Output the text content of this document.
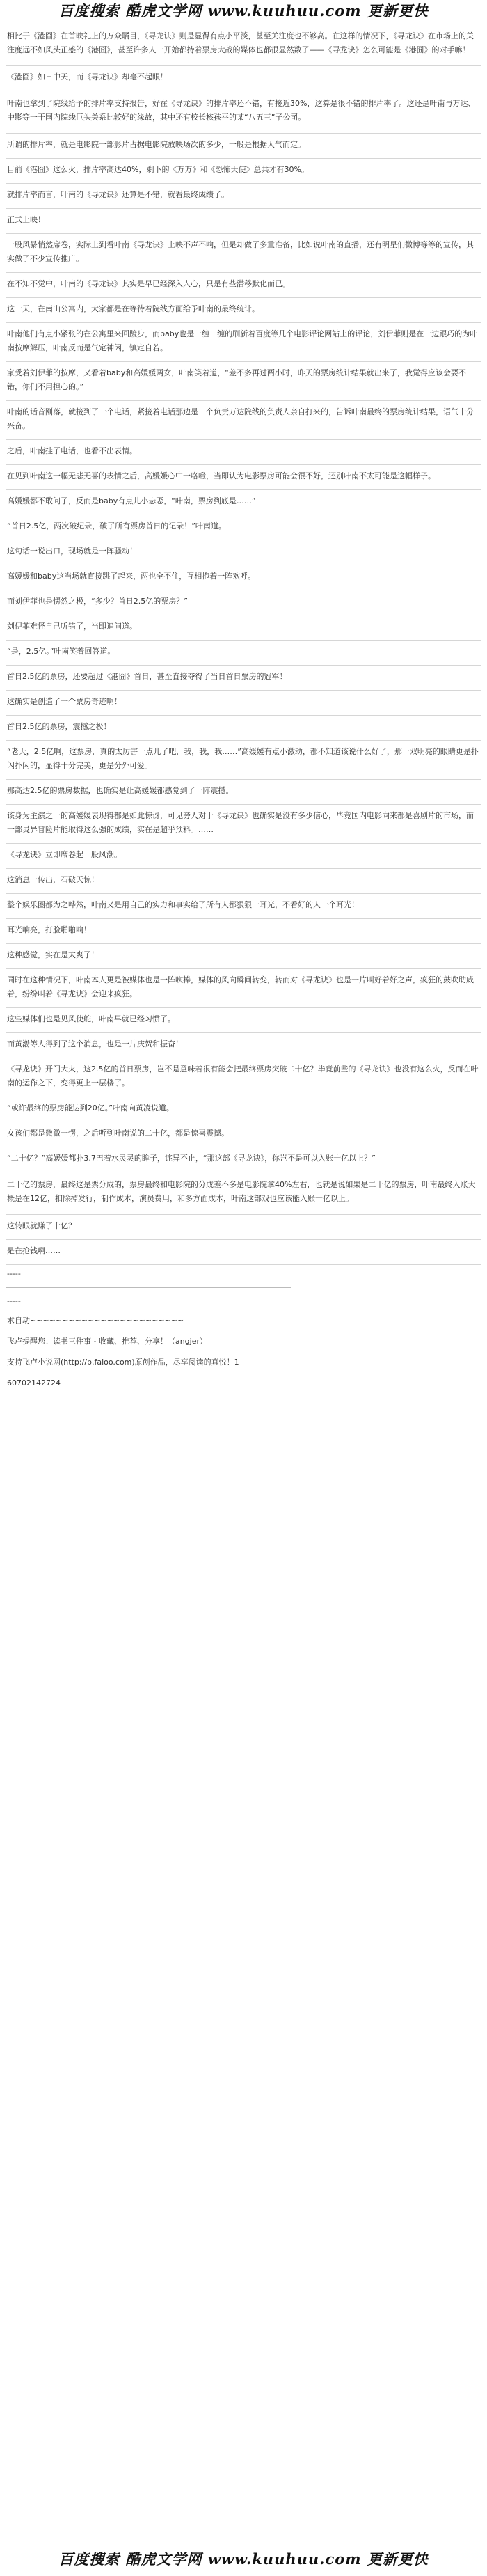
百度搜索 酷虎文学网 www.kuuhuu.com 更新更快
相比于《港囧》在首映礼上的万众瞩目，《寻龙诀》则是显得有点小平淡，甚至关注度也不够高。在这样的情况下，《寻龙诀》在市场上的关注度远不如风头正盛的《港囧》，甚至许多人一开始都持着票房大战的媒体也都很显然数了——《寻龙诀》怎么可能是《港囧》的对手嘛！
《港囧》如日中天，而《寻龙诀》却毫不起眼！
叶南也拿到了院线给予的排片率支持报告，好在《寻龙诀》的排片率还不错，有接近30%，这算是很不错的排片率了。这还是叶南与万达、中影等一干国内院线巨头关系比较好的缘故，其中还有校长核孩平的某“八五三”子公司。
所谓的排片率，就是电影院一部影片占据电影院放映场次的多少，一般是根据人气而定。
目前《港囧》这么火，排片率高达40%，剩下的《万万》和《恐怖天使》总共才有30%。
就排片率而言，叶南的《寻龙诀》还算是不错，就看最终成绩了。
正式上映！
一股风暴悄然席卷，实际上到看叶南《寻龙诀》上映不声不响，但是却做了多重准备，比如说叶南的直播，还有明星们微博等等的宣传，其实做了不少宣传推广。
在不知不觉中，叶南的《寻龙诀》其实是早已经深入人心，只是有些潜移默化而已。
这一天，在南山公寓内，大家都是在等待着院线方面给予叶南的最终统计。
叶南他们有点小紧张的在公寓里来回踱步，而baby也是一缠一缠的刷新着百度等几个电影评论网站上的评论，刘伊菲则是在一边跟巧的为叶南按摩解压，叶南反而是气定神闲，镇定自若。
家受着刘伊菲的按摩，又看着baby和高媛媛两女，叶南笑着道，“差不多再过两小时，昨天的票房统计结果就出来了，我觉得应该会要不错，你们不用担心的。”
叶南的话音刚落，就接到了一个电话，紧接着电话那边是一个负责万达院线的负责人亲自打来的，告诉叶南最终的票房统计结果，语气十分兴奋。
之后，叶南挂了电话，也看不出表情。
在见到叶南这一幅无悲无喜的表情之后，高媛媛心中一咯噔，当即认为电影票房可能会很不好，还别叶南不太可能是这幅样子。
高媛媛都不敢问了，反而是baby有点儿小忐忑，“叶南，票房到底是……”
“首日2.5亿，两次破纪录，破了所有票房首日的记录！”叶南道。
这句话一说出口，现场就是一阵骚动！
高媛媛和baby这当场就直接跳了起来，两也全不住，互相抱着一阵欢呼。
而刘伊菲也是愣然之极，“多少？首日2.5亿的票房？”
刘伊菲难怪自己听错了，当即追问道。
“是，2.5亿。”叶南笑着回答道。
首日2.5亿的票房，还要超过《港囧》首日，甚至直接夺得了当日首日票房的冠军！
这确实是创造了一个票房奇迹啊！
首日2.5亿的票房，震撼之极！
“老天，2.5亿啊，这票房，真的太厉害一点儿了吧，我，我，我……”高媛媛有点小激动，都不知道该说什么好了，那一双明亮的眼睛更是扑闪扑闪的，显得十分完美，更是分外可爱。
那高达2.5亿的票房数据，也确实是让高媛媛都感觉到了一阵震撼。
该身为主演之一的高媛媛表现得都是如此惊讶，可见旁人对于《寻龙诀》也确实是没有多少信心，毕竟国内电影向来都是喜剧片的市场，而一部灵异冒险片能取得这么强的成绩，实在是超乎预料。……
《寻龙诀》立即席卷起一股风潮。
这消息一传出，石破天惊！
整个娱乐圈都为之哗然，叶南又是用自己的实力和事实给了所有人都狠狠一耳光，不看好的人一个耳光！
耳光响亮，打脸啪啪响！
这种感觉，实在是太爽了！
同时在这种情况下，叶南本人更是被媒体也是一阵吹捧，媒体的风向瞬间转变，转而对《寻龙诀》也是一片叫好着好之声，疯狂的鼓吹助威着，纷纷叫着《寻龙诀》会迎来疯狂。
这些媒体们也是见风使舵，叶南早就已经习惯了。
而黄渤等人得到了这个消息，也是一片庆贺和振奋！
《寻龙诀》开门大火，这2.5亿的首日票房，岂不是意味着很有能会把最终票房突破二十亿？毕竟前些的《寻龙诀》也没有这么火，反而在叶南的运作之下，变得更上一层楼了。
“或许最终的票房能达到20亿。”叶南向黄凌说道。
女孩们都是微微一愣，之后听到叶南说的二十亿，都是惊喜震撼。
“二十亿？”高媛媛都扑3.7巴着水灵灵的眸子，诧异不止，“那这部《寻龙诀》，你岂不是可以入账十亿以上？”
二十亿的票房，最终这是票分成的，票房最终和电影院的分成差不多是电影院拿40%左右，也就是说如果是二十亿的票房，叶南最终入账大概是在12亿，扣除掉发行，制作成本，演员费用，和多方面成本，叶南这部戏也应该能入账十亿以上。
这转眼就赚了十亿？
是在抢钱啊……
-----
-----
求自动~~~~~~~~~~~~~~~~~~~~~~~~
飞卢提醒您：读书三件事 - 收藏、推荐、分享！（angjer）
支持飞卢小说网(http://b.faloo.com)原创作品，尽享阅读的真悦！1
60702142724
百度搜索 酷虎文学网 www.kuuhuu.com 更新更快
